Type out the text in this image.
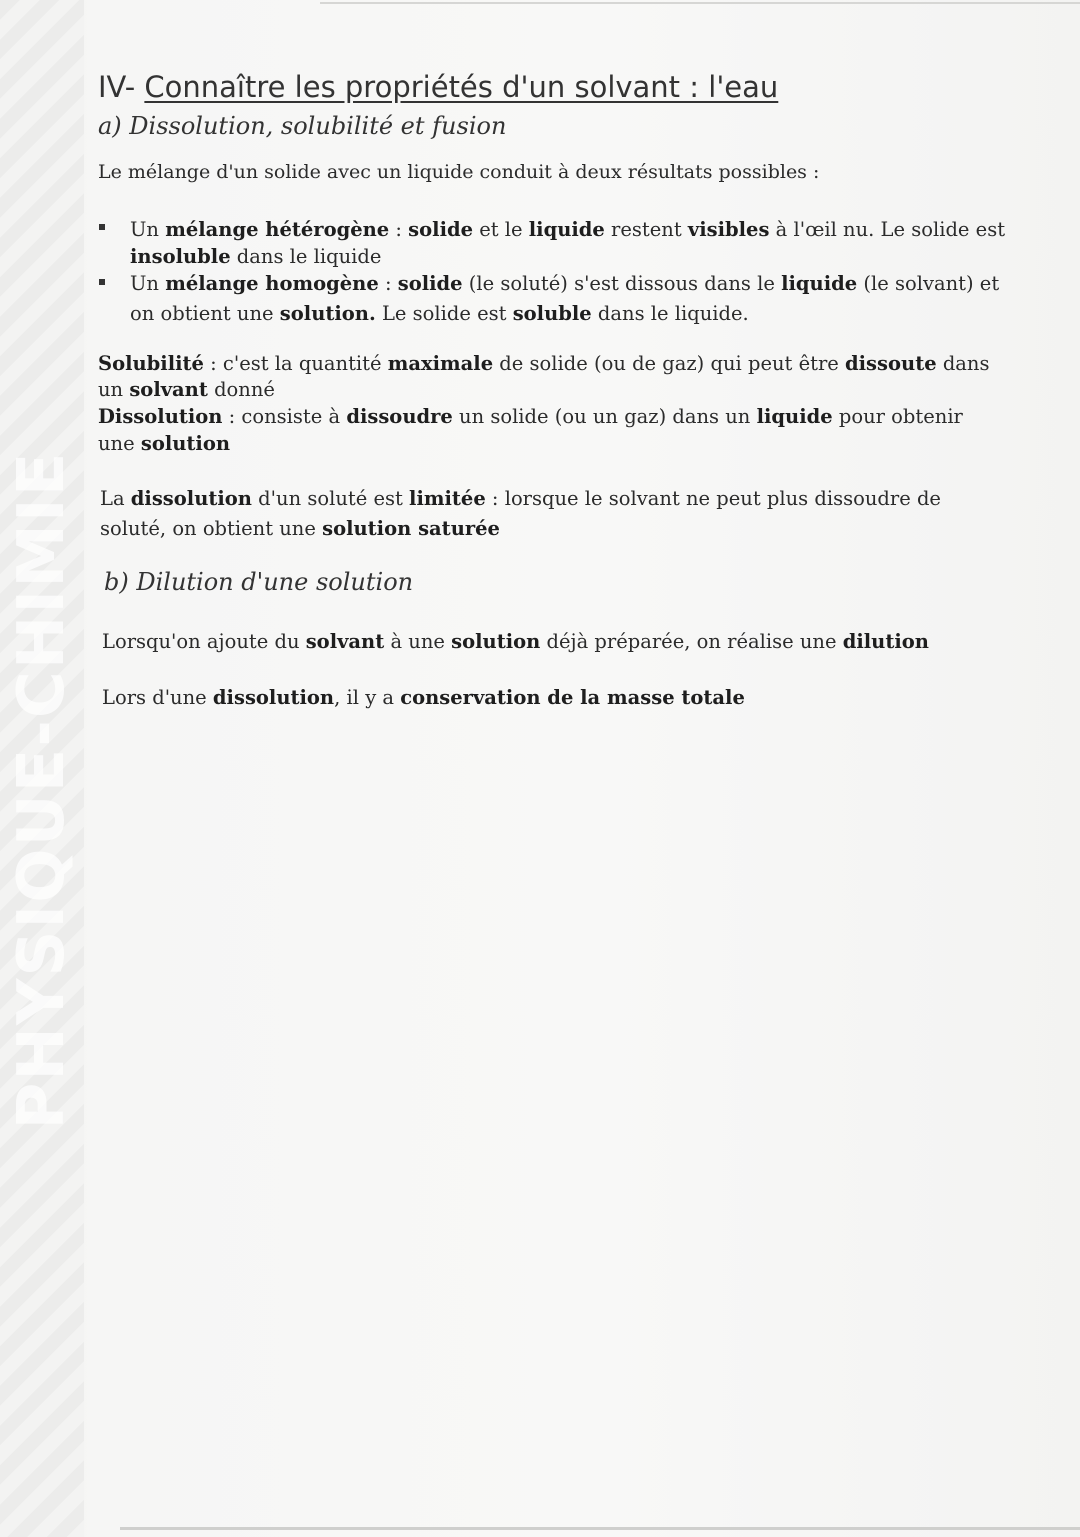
PHYSIQUE-CHIMIE
IV- Connaître les propriétés d'un solvant : l'eau
a) Dissolution, solubilité et fusion
Le mélange d'un solide avec un liquide conduit à deux résultats possibles :
Un mélange hétérogène : solide et le liquide restent visibles à l'œil nu. Le solide est
insoluble dans le liquide
Un mélange homogène : solide (le soluté) s'est dissous dans le liquide (le solvant) et
on obtient une solution. Le solide est soluble dans le liquide.
Solubilité : c'est la quantité maximale de solide (ou de gaz) qui peut être dissoute dans
un solvant donné
Dissolution : consiste à dissoudre un solide (ou un gaz) dans un liquide pour obtenir
une solution
La dissolution d'un soluté est limitée : lorsque le solvant ne peut plus dissoudre de
soluté, on obtient une solution saturée
b) Dilution d'une solution
Lorsqu'on ajoute du solvant à une solution déjà préparée, on réalise une dilution
Lors d'une dissolution, il y a conservation de la masse totale
